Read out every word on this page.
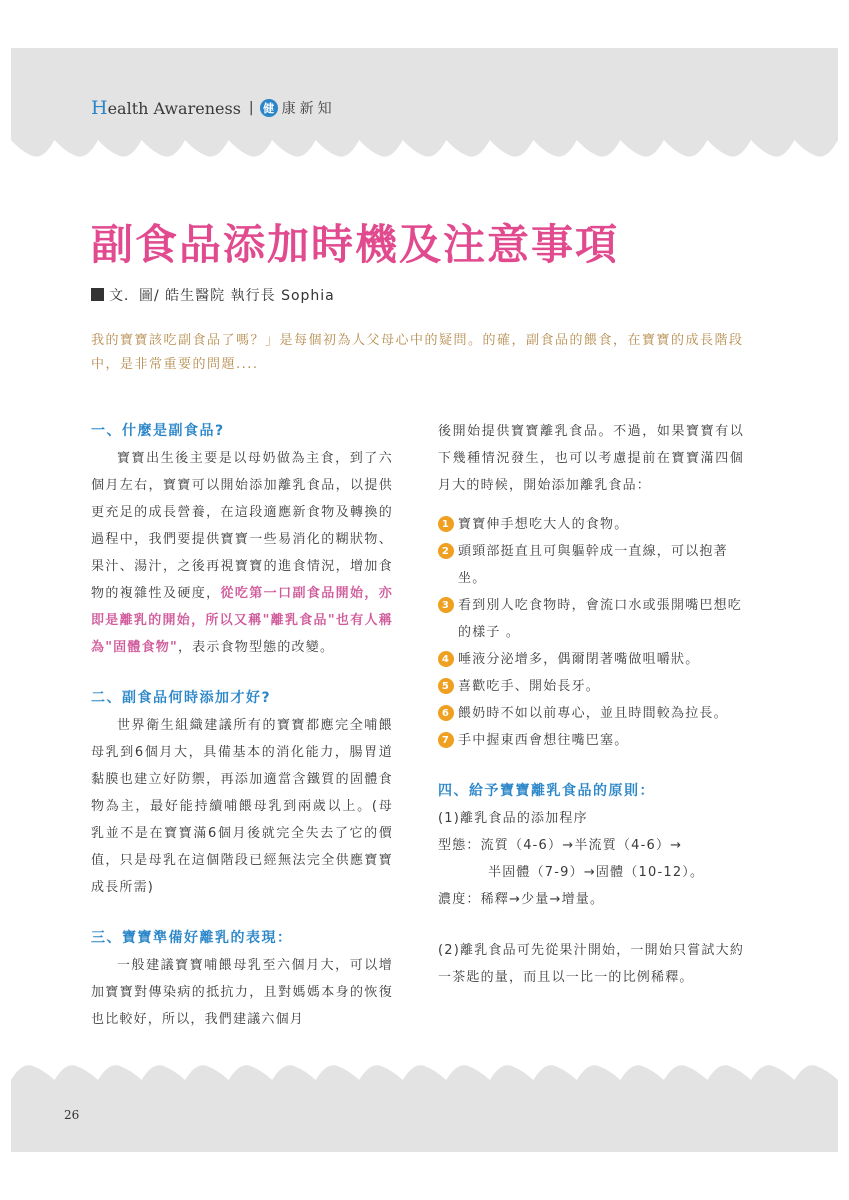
Health Awareness | 健 康新知
副食品添加時機及注意事項
文．圖/ 皓生醫院 執行長 Sophia
我的寶寶該吃副食品了嗎？」是每個初為人父母心中的疑問。的確，副食品的餵食，在寶寶的成長階段中，是非常重要的問題....

一、什麼是副食品?

寶寶出生後主要是以母奶做為主食，到了六個月左右，寶寶可以開始添加離乳食品，以提供更充足的成長營養，在這段適應新食物及轉換的過程中，我們要提供寶寶一些易消化的糊狀物、果汁、湯汁，之後再視寶寶的進食情況，增加食物的複雜性及硬度，從吃第一口副食品開始，亦即是離乳的開始，所以又稱"離乳食品"也有人稱為"固體食物"，表示食物型態的改變。

二、副食品何時添加才好?

世界衛生組織建議所有的寶寶都應完全哺餵母乳到6個月大，具備基本的消化能力，腸胃道黏膜也建立好防禦，再添加適當含鐵質的固體食物為主，最好能持續哺餵母乳到兩歲以上。(母乳並不是在寶寶滿6個月後就完全失去了它的價值，只是母乳在這個階段已經無法完全供應寶寶成長所需)

三、寶寶準備好離乳的表現：

一般建議寶寶哺餵母乳至六個月大，可以增加寶寶對傳染病的抵抗力，且對媽媽本身的恢復也比較好，所以，我們建議六個月

後開始提供寶寶離乳食品。不過，如果寶寶有以下幾種情況發生，也可以考慮提前在寶寶滿四個月大的時候，開始添加離乳食品：

1 寶寶伸手想吃大人的食物。

2 頭頸部挺直且可與軀幹成一直線，可以抱著坐。

3 看到別人吃食物時，會流口水或張開嘴巴想吃的樣子 。

4 唾液分泌增多，偶爾閉著嘴做咀嚼狀。

5 喜歡吃手、開始長牙。

6 餵奶時不如以前專心，並且時間較為拉長。

7 手中握東西會想往嘴巴塞。

四、給予寶寶離乳食品的原則：

(1)離乳食品的添加程序

型態：流質（4-6）→半流質（4-6）→

半固體（7-9）→固體（10-12）。

濃度：稀釋→少量→增量。

(2)離乳食品可先從果汁開始，一開始只嘗試大約一茶匙的量，而且以一比一的比例稀釋。

26
